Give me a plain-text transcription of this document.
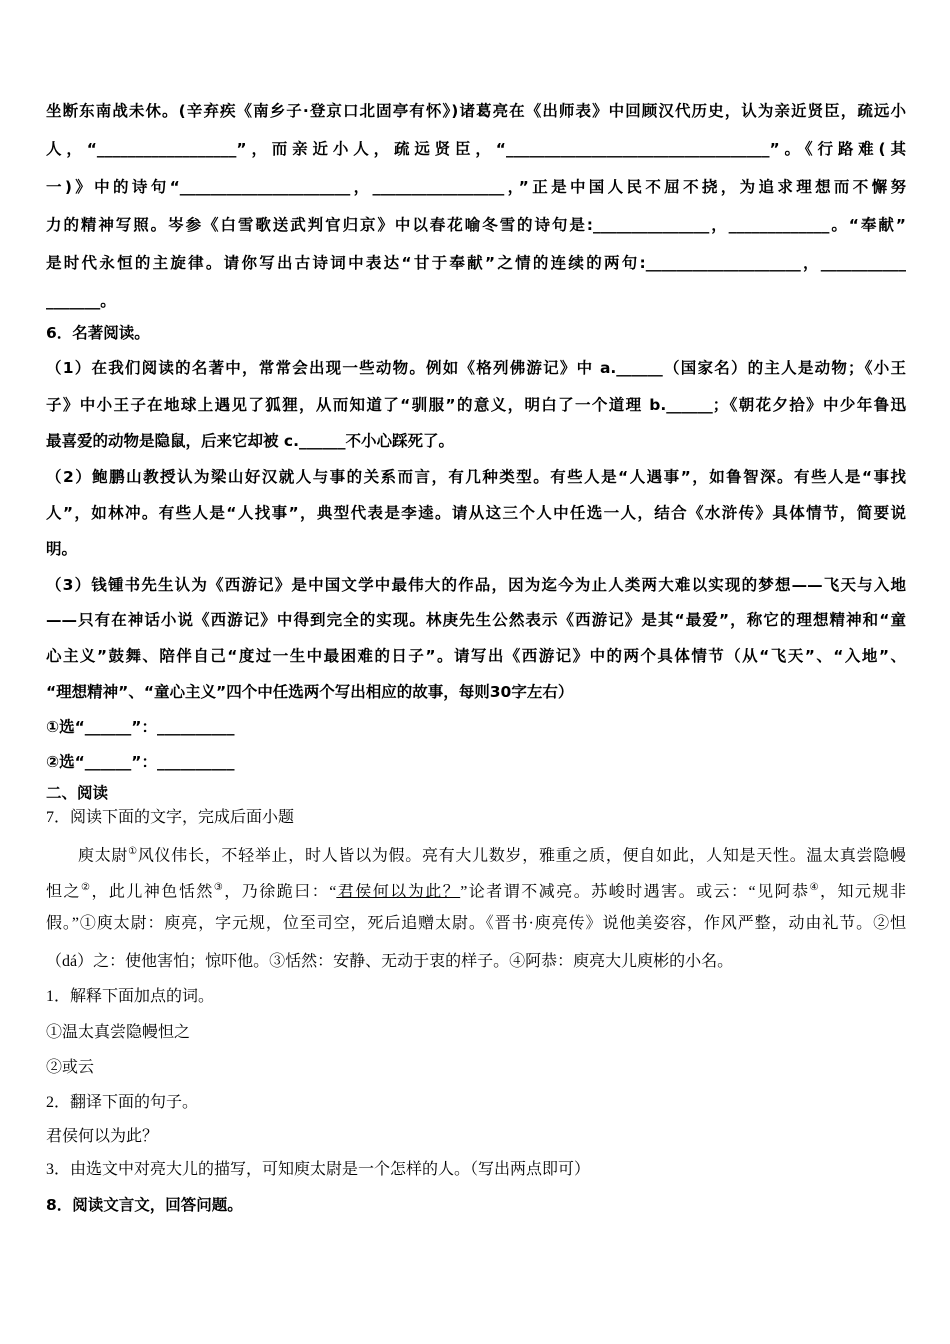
坐断东南战未休。(辛弃疾《南乡子·登京口北固亭有怀》)诸葛亮在《出师表》中回顾汉代历史，认为亲近贤臣，疏远小
人，“__________________”，而亲近小人，疏远贤臣，“__________________________________”。《行路难(其
一)》中的诗句“______________________，_________________，”正是中国人民不屈不挠，为追求理想而不懈努
力的精神写照。岑参《白雪歌送武判官归京》中以春花喻冬雪的诗句是:_______________，_____________。“奉献”
是时代永恒的主旋律。请你写出古诗词中表达“甘于奉献”之情的连续的两句:____________________，___________
_______。
6．名著阅读。
（1）在我们阅读的名著中，常常会出现一些动物。例如《格列佛游记》中 a.______（国家名）的主人是动物；《小王
子》中小王子在地球上遇见了狐狸，从而知道了“驯服”的意义，明白了一个道理 b.______；《朝花夕拾》中少年鲁迅
最喜爱的动物是隐鼠，后来它却被 c.______不小心踩死了。
（2）鲍鹏山教授认为梁山好汉就人与事的关系而言，有几种类型。有些人是“人遇事”，如鲁智深。有些人是“事找
人”，如林冲。有些人是“人找事”，典型代表是李逵。请从这三个人中任选一人，结合《水浒传》具体情节，简要说
明。
（3）钱锺书先生认为《西游记》是中国文学中最伟大的作品，因为迄今为止人类两大难以实现的梦想——飞天与入地
——只有在神话小说《西游记》中得到完全的实现。林庚先生公然表示《西游记》是其“最爱”，称它的理想精神和“童
心主义”鼓舞、陪伴自己“度过一生中最困难的日子”。请写出《西游记》中的两个具体情节（从“飞天”、“入地”、
“理想精神”、“童心主义”四个中任选两个写出相应的故事，每则30字左右）
①选“______”：__________
②选“______”：__________
二、阅读
7．阅读下面的文字，完成后面小题
庾太尉①风仪伟长，不轻举止，时人皆以为假。亮有大儿数岁，雅重之质，便自如此，人知是天性。温太真尝隐幔
怛之②，此儿神色恬然③，乃徐跪曰：“君侯何以为此？”论者谓不减亮。苏峻时遇害。或云：“见阿恭④，知元规非
假。”①庾太尉：庾亮，字元规，位至司空，死后追赠太尉。《晋书·庾亮传》说他美姿容，作风严整，动由礼节。②怛
（dá）之：使他害怕；惊吓他。③恬然：安静、无动于衷的样子。④阿恭：庾亮大儿庾彬的小名。
1．解释下面加点的词。
①温太真尝隐幔怛之
②或云
2．翻译下面的句子。
君侯何以为此？
3．由选文中对亮大儿的描写，可知庾太尉是一个怎样的人。（写出两点即可）
8．阅读文言文，回答问题。
